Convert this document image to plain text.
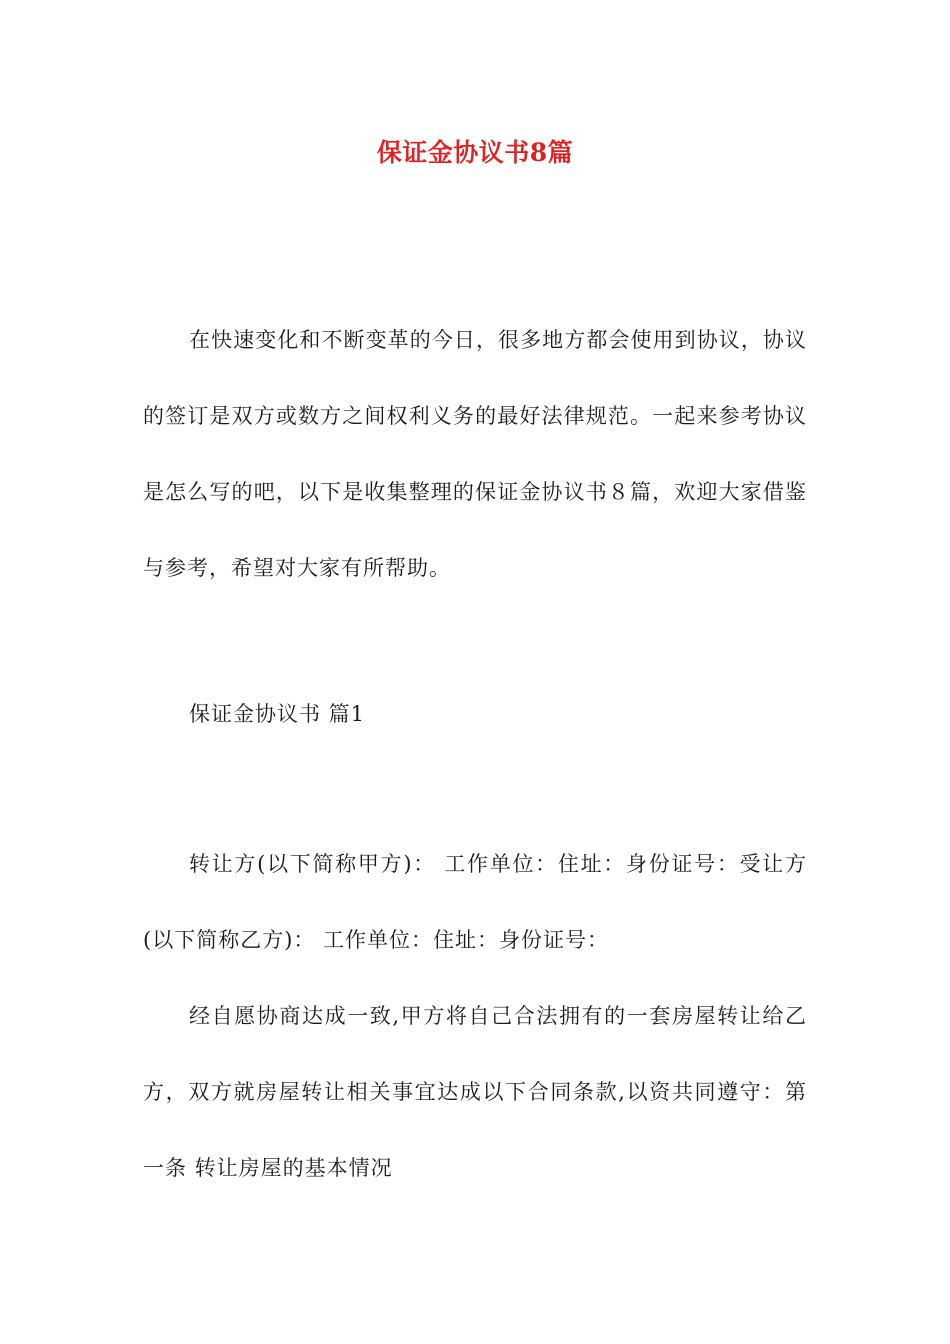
保证金协议书8篇

在快速变化和不断变革的今日，很多地方都会使用到协议，协议的签订是双方或数方之间权利义务的最好法律规范。一起来参考协议是怎么写的吧，以下是收集整理的保证金协议书８篇，欢迎大家借鉴与参考，希望对大家有所帮助。

保证金协议书 篇1

转让方(以下简称甲方)： 工作单位：住址：身份证号：受让方(以下简称乙方)： 工作单位：住址：身份证号：

经自愿协商达成一致,甲方将自己合法拥有的一套房屋转让给乙方，双方就房屋转让相关事宜达成以下合同条款,以资共同遵守：第一条 转让房屋的基本情况
